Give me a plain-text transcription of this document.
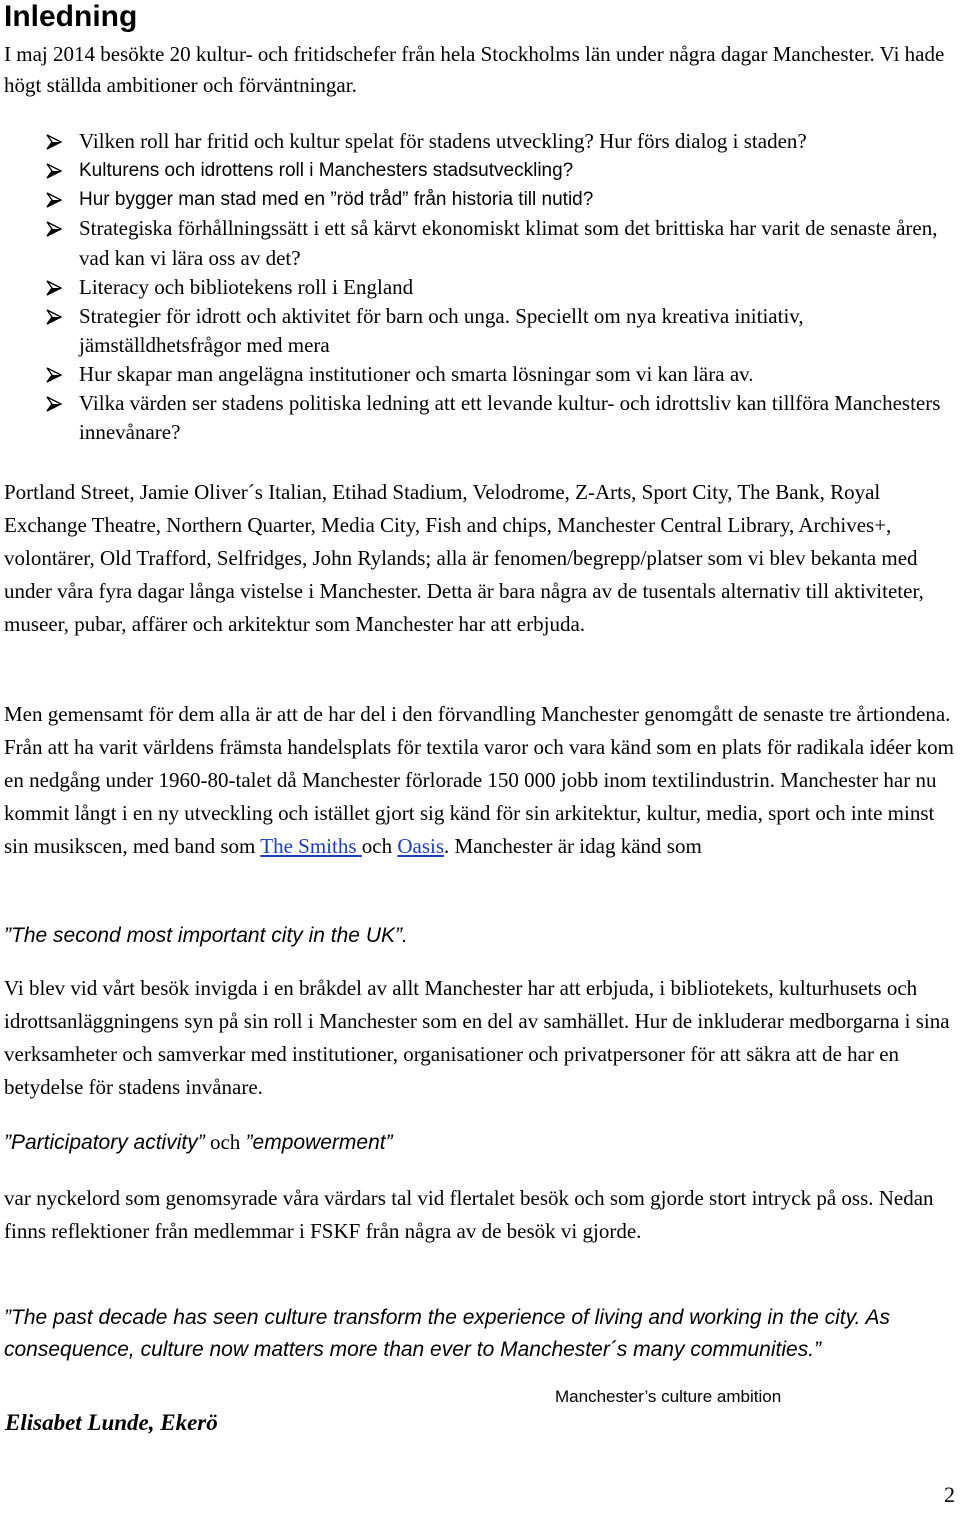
Inledning

I maj 2014 besökte 20 kultur- och fritidschefer från hela Stockholms län under några dagar Manchester. Vi hade högt ställda ambitioner och förväntningar.

Vilken roll har fritid och kultur spelat för stadens utveckling? Hur förs dialog i staden?
Kulturens och idrottens roll i Manchesters stadsutveckling?
Hur bygger man stad med en ”röd tråd” från historia till nutid?
Strategiska förhållningssätt i ett så kärvt ekonomiskt klimat som det brittiska har varit de senaste åren, vad kan vi lära oss av det?
Literacy och bibliotekens roll i England
Strategier för idrott och aktivitet för barn och unga. Speciellt om nya kreativa initiativ, jämställdhetsfrågor med mera
Hur skapar man angelägna institutioner och smarta lösningar som vi kan lära av.
Vilka värden ser stadens politiska ledning att ett levande kultur- och idrottsliv kan tillföra Manchesters innevånare?

Portland Street, Jamie Oliver´s Italian, Etihad Stadium, Velodrome, Z-Arts, Sport City, The Bank, Royal Exchange Theatre, Northern Quarter, Media City, Fish and chips, Manchester Central Library, Archives+, volontärer, Old Trafford, Selfridges, John Rylands; alla är fenomen/begrepp/platser som vi blev bekanta med under våra fyra dagar långa vistelse i Manchester. Detta är bara några av de tusentals alternativ till aktiviteter, museer, pubar, affärer och arkitektur som Manchester har att erbjuda.

Men gemensamt för dem alla är att de har del i den förvandling Manchester genomgått de senaste tre årtiondena. Från att ha varit världens främsta handelsplats för textila varor och vara känd som en plats för radikala idéer kom en nedgång under 1960-80-talet då Manchester förlorade 150 000 jobb inom textilindustrin. Manchester har nu kommit långt i en ny utveckling och istället gjort sig känd för sin arkitektur, kultur, media, sport och inte minst sin musikscen, med band som The Smiths och Oasis. Manchester är idag känd som

”The second most important city in the UK”.

Vi blev vid vårt besök invigda i en bråkdel av allt Manchester har att erbjuda, i bibliotekets, kulturhusets och idrottsanläggningens syn på sin roll i Manchester som en del av samhället. Hur de inkluderar medborgarna i sina verksamheter och samverkar med institutioner, organisationer och privatpersoner för att säkra att de har en betydelse för stadens invånare.

”Participatory activity” och ”empowerment”

var nyckelord som genomsyrade våra värdars tal vid flertalet besök och som gjorde stort intryck på oss. Nedan finns reflektioner från medlemmar i FSKF från några av de besök vi gjorde.

”The past decade has seen culture transform the experience of living and working in the city. As consequence, culture now matters more than ever to Manchester´s many communities.”

Manchester’s culture ambition

Elisabet Lunde, Ekerö

2
